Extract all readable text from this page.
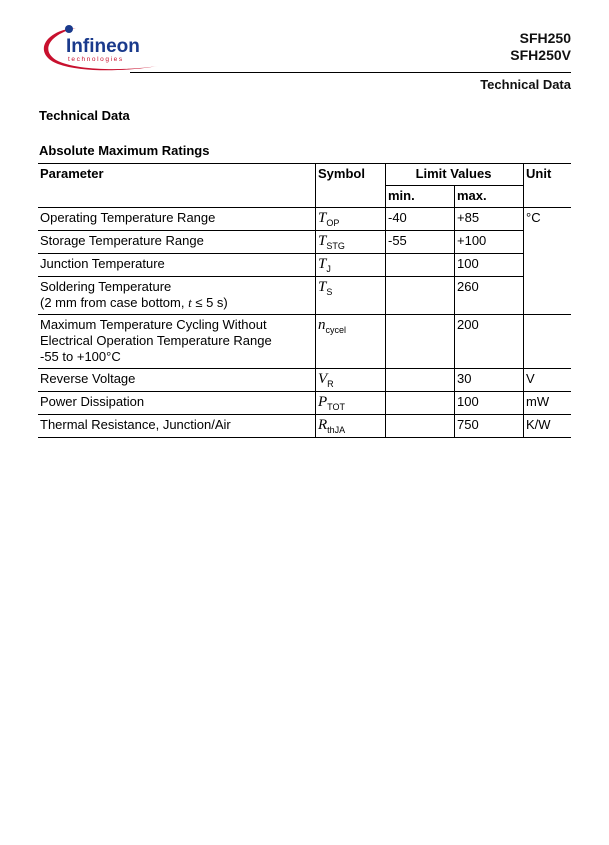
Infineon
technologies
SFH250
SFH250V
Technical Data
Technical Data
Absolute Maximum Ratings
Parameter	Symbol	Limit Values		Unit
		min.	max.	
Operating Temperature Range	$T_{OP}$	-40	+85	°C
Storage Temperature Range	$T_{STG}$	-55	+100	
Junction Temperature	$T_J$		100	

Soldering Temperature
(2 mm from case bottom, t ≤ 5 s)	$T_S$		260	

Maximum Temperature Cycling Without
Electrical Operation Temperature Range
-55 to +100°C	$n_{cycel}$		200	
Reverse Voltage	$V_R$		30	V
Power Dissipation	$P_{TOT}$		100	mW
Thermal Resistance, Junction/Air	$R_{thJA}$		750	K/W
